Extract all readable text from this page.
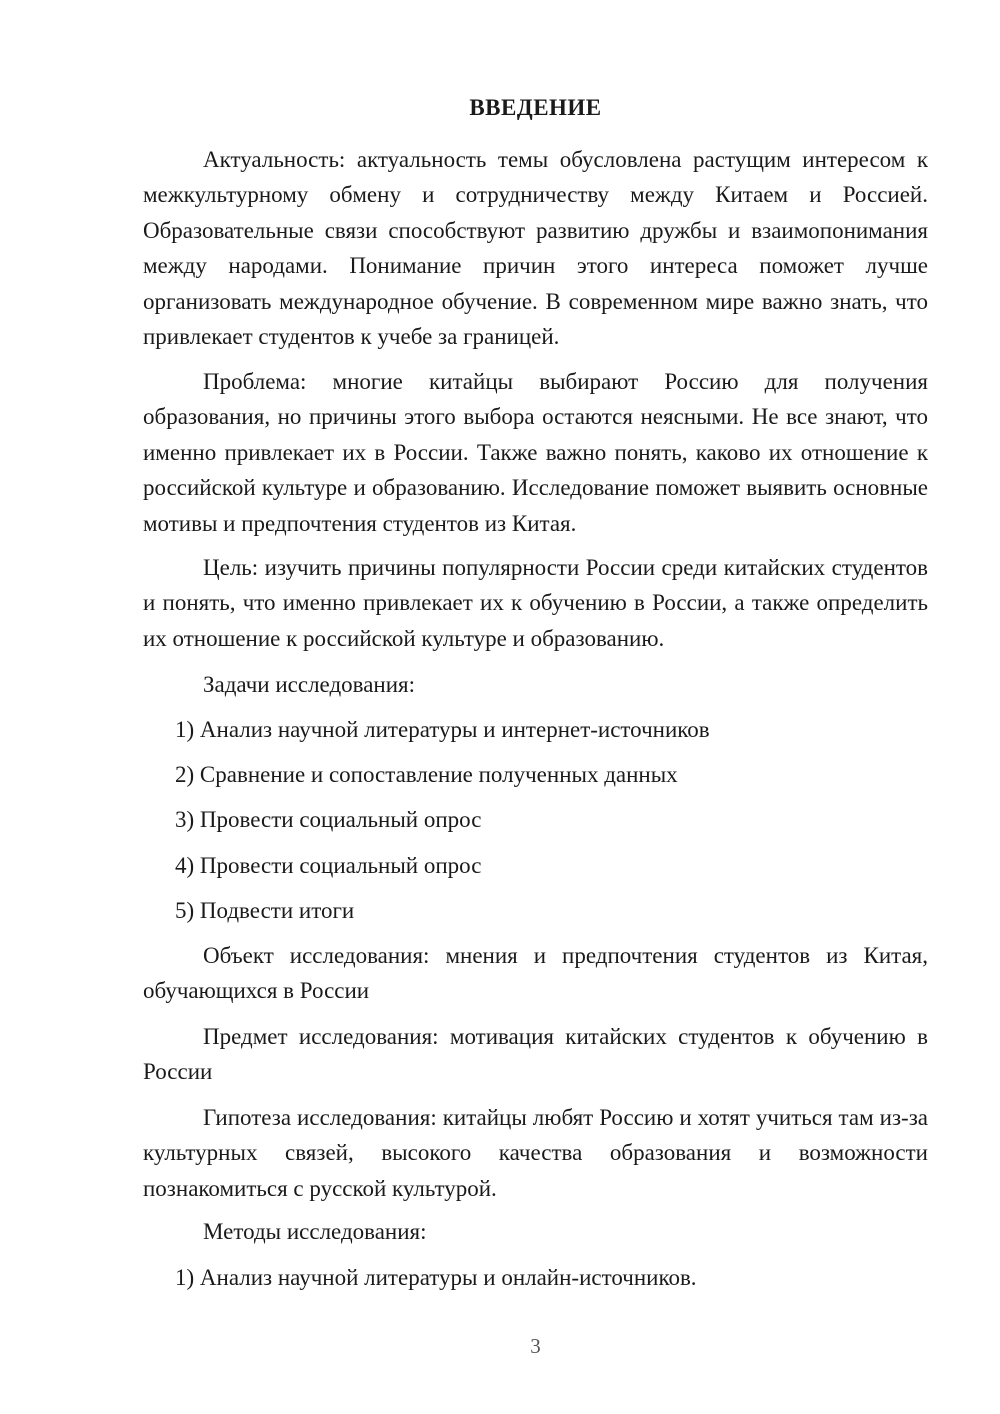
ВВЕДЕНИЕ

Актуальность: актуальность темы обусловлена растущим интересом к межкультурному обмену и сотрудничеству между Китаем и Россией. Образовательные связи способствуют развитию дружбы и взаимопонимания между народами. Понимание причин этого интереса поможет лучше организовать международное обучение. В современном мире важно знать, что привлекает студентов к учебе за границей.

Проблема: многие китайцы выбирают Россию для получения образования, но причины этого выбора остаются неясными. Не все знают, что именно привлекает их в России. Также важно понять, каково их отношение к российской культуре и образованию. Исследование поможет выявить основные мотивы и предпочтения студентов из Китая.

Цель: изучить причины популярности России среди китайских студентов и понять, что именно привлекает их к обучению в России, а также определить их отношение к российской культуре и образованию.

Задачи исследования:

1) Анализ научной литературы и интернет-источников

2) Сравнение и сопоставление полученных данных

3) Провести социальный опрос

4) Провести социальный опрос

5) Подвести итоги

Объект исследования: мнения и предпочтения студентов из Китая, обучающихся в России

Предмет исследования: мотивация китайских студентов к обучению в России

Гипотеза исследования: китайцы любят Россию и хотят учиться там из-за культурных связей, высокого качества образования и возможности познакомиться с русской культурой.

Методы исследования:

1) Анализ научной литературы и онлайн-источников.

3
